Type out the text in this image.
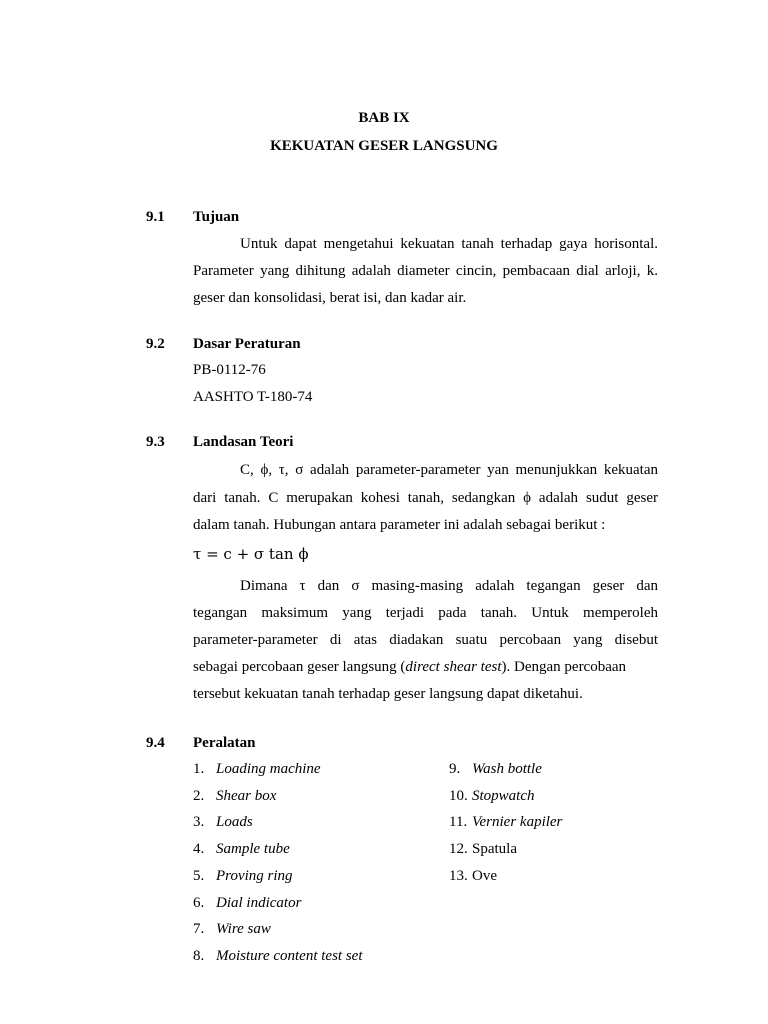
BAB IX
KEKUATAN GESER LANGSUNG
9.1 Tujuan
Untuk dapat mengetahui kekuatan tanah terhadap gaya horisontal.
Parameter yang dihitung adalah diameter cincin, pembacaan dial arloji, k.
geser dan konsolidasi, berat isi, dan kadar air.
9.2 Dasar Peraturan
PB-0112-76
AASHTO T-180-74
9.3 Landasan Teori
C, ϕ, τ, σ adalah parameter-parameter yan menunjukkan kekuatan
dari tanah. C merupakan kohesi tanah, sedangkan ϕ adalah sudut geser
dalam tanah. Hubungan antara parameter ini adalah sebagai berikut :
τ = c + σ tan ϕ
Dimana τ dan σ masing-masing adalah tegangan geser dan
tegangan maksimum yang terjadi pada tanah. Untuk memperoleh
parameter-parameter di atas diadakan suatu percobaan yang disebut
sebagai percobaan geser langsung (direct shear test). Dengan percobaan
tersebut kekuatan tanah terhadap geser langsung dapat diketahui.
9.4 Peralatan
1. Loading machine
2. Shear box
3. Loads
4. Sample tube
5. Proving ring
6. Dial indicator
7. Wire saw
8. Moisture content test set
9. Wash bottle
10. Stopwatch
11. Vernier kapiler
12. Spatula
13. Ove
